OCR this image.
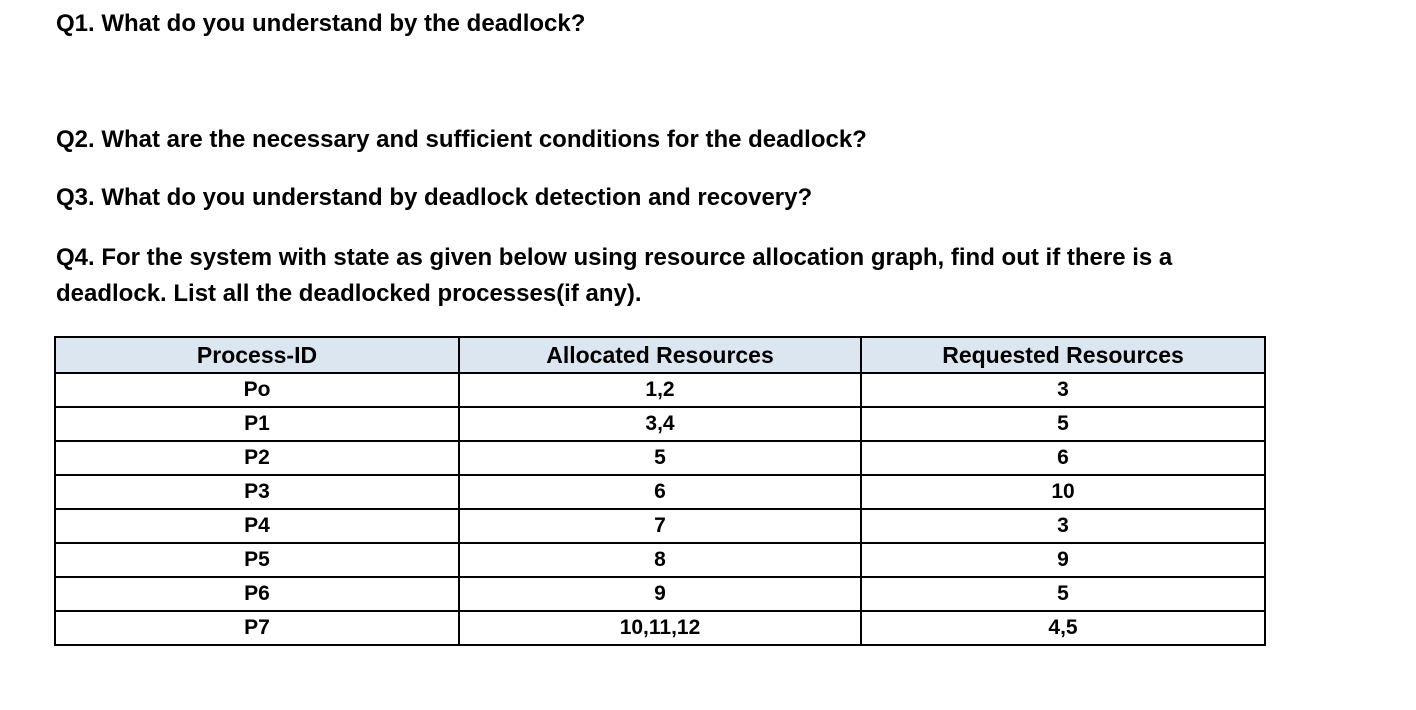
Q1. What do you understand by the deadlock?

Q2. What are the necessary and sufficient conditions for the deadlock?

Q3. What do you understand by deadlock detection and recovery?

Q4. For the system with state as given below using resource allocation graph, find out if there is a

deadlock. List all the deadlocked processes(if any).

Process-ID	Allocated Resources	Requested Resources
Po	1,2	3
P1	3,4	5
P2	5	6
P3	6	10
P4	7	3
P5	8	9
P6	9	5
P7	10,11,12	4,5
